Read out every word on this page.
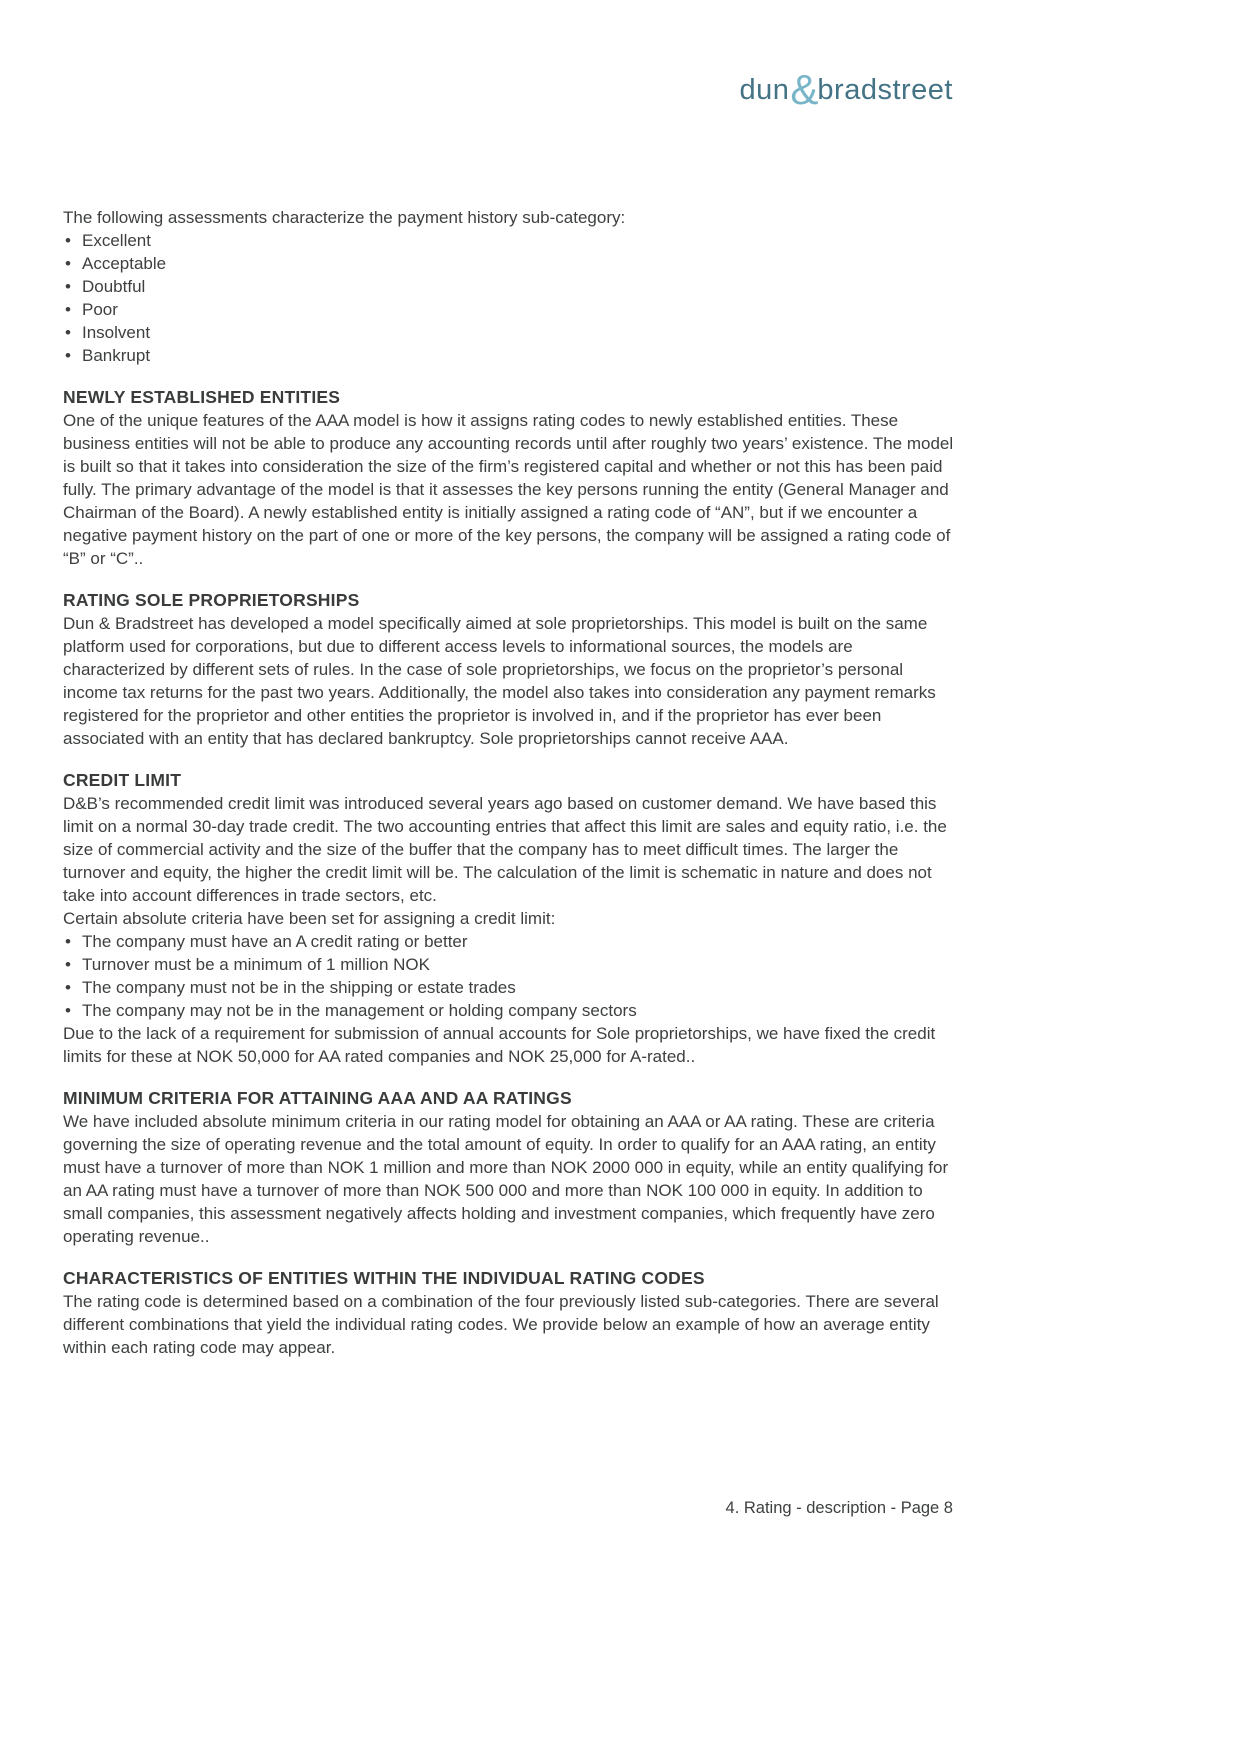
dun&bradstreet

The following assessments characterize the payment history sub-category:

• Excellent
• Acceptable
• Doubtful
• Poor
• Insolvent
• Bankrupt
NEWLY ESTABLISHED ENTITIES

One of the unique features of the AAA model is how it assigns rating codes to newly established entities. These business entities will not be able to produce any accounting records until after roughly two years’ existence. The model is built so that it takes into consideration the size of the firm’s registered capital and whether or not this has been paid fully. The primary advantage of the model is that it assesses the key persons running the entity (General Manager and Chairman of the Board). A newly established entity is initially assigned a rating code of “AN”, but if we encounter a negative payment history on the part of one or more of the key persons, the company will be assigned a rating code of “B” or “C”..

RATING SOLE PROPRIETORSHIPS

Dun & Bradstreet has developed a model specifically aimed at sole proprietorships. This model is built on the same platform used for corporations, but due to different access levels to informational sources, the models are characterized by different sets of rules. In the case of sole proprietorships, we focus on the proprietor’s personal income tax returns for the past two years. Additionally, the model also takes into consideration any payment remarks registered for the proprietor and other entities the proprietor is involved in, and if the proprietor has ever been associated with an entity that has declared bankruptcy. Sole proprietorships cannot receive AAA.

CREDIT LIMIT

D&B’s recommended credit limit was introduced several years ago based on customer demand. We have based this limit on a normal 30-day trade credit. The two accounting entries that affect this limit are sales and equity ratio, i.e. the size of commercial activity and the size of the buffer that the company has to meet difficult times. The larger the turnover and equity, the higher the credit limit will be. The calculation of the limit is schematic in nature and does not take into account differences in trade sectors, etc.

Certain absolute criteria have been set for assigning a credit limit:

• The company must have an A credit rating or better
• Turnover must be a minimum of 1 million NOK
• The company must not be in the shipping or estate trades
• The company may not be in the management or holding company sectors

Due to the lack of a requirement for submission of annual accounts for Sole proprietorships, we have fixed the credit limits for these at NOK 50,000 for AA rated companies and NOK 25,000 for A-rated..

MINIMUM CRITERIA FOR ATTAINING AAA AND AA RATINGS

We have included absolute minimum criteria in our rating model for obtaining an AAA or AA rating. These are criteria governing the size of operating revenue and the total amount of equity. In order to qualify for an AAA rating, an entity must have a turnover of more than NOK 1 million and more than NOK 2000 000 in equity, while an entity qualifying for an AA rating must have a turnover of more than NOK 500 000 and more than NOK 100 000 in equity. In addition to small companies, this assessment negatively affects holding and investment companies, which frequently have zero operating revenue..

CHARACTERISTICS OF ENTITIES WITHIN THE INDIVIDUAL RATING CODES

The rating code is determined based on a combination of the four previously listed sub-categories. There are several different combinations that yield the individual rating codes. We provide below an example of how an average entity within each rating code may appear.

4. Rating - description - Page 8
